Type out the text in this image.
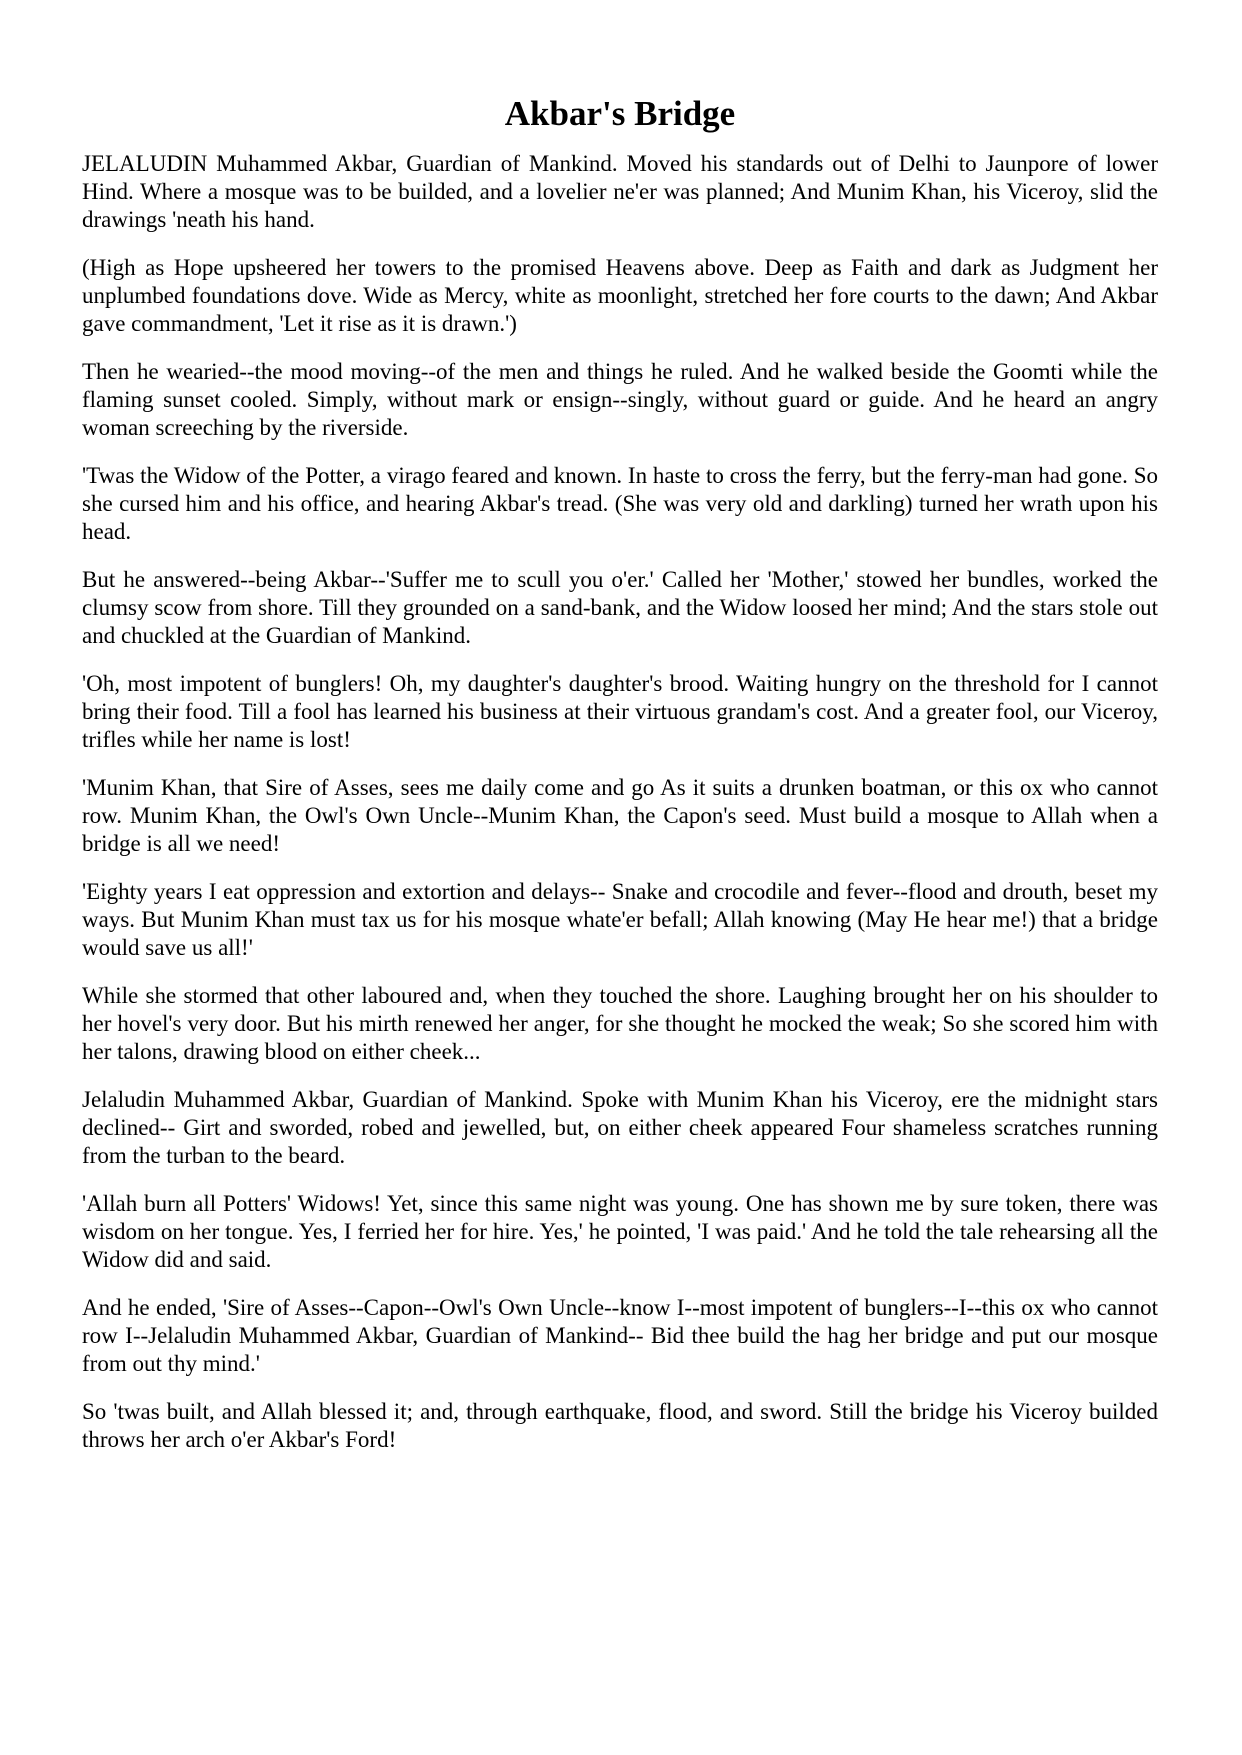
Akbar's Bridge

JELALUDIN Muhammed Akbar, Guardian of Mankind. Moved his standards out of Delhi to Jaunpore of lower Hind. Where a mosque was to be builded, and a lovelier ne'er was planned; And Munim Khan, his Viceroy, slid the drawings 'neath his hand.

(High as Hope upsheered her towers to the promised Heavens above. Deep as Faith and dark as Judgment her unplumbed foundations dove. Wide as Mercy, white as moonlight, stretched her fore courts to the dawn; And Akbar gave commandment, 'Let it rise as it is drawn.')

Then he wearied--the mood moving--of the men and things he ruled. And he walked beside the Goomti while the flaming sunset cooled. Simply, without mark or ensign--singly, without guard or guide. And he heard an angry woman screeching by the riverside.

'Twas the Widow of the Potter, a virago feared and known. In haste to cross the ferry, but the ferry-man had gone. So she cursed him and his office, and hearing Akbar's tread. (She was very old and darkling) turned her wrath upon his head.

But he answered--being Akbar--'Suffer me to scull you o'er.' Called her 'Mother,' stowed her bundles, worked the clumsy scow from shore. Till they grounded on a sand-bank, and the Widow loosed her mind; And the stars stole out and chuckled at the Guardian of Mankind.

'Oh, most impotent of bunglers! Oh, my daughter's daughter's brood. Waiting hungry on the threshold for I cannot bring their food. Till a fool has learned his business at their virtuous grandam's cost. And a greater fool, our Viceroy, trifles while her name is lost!

'Munim Khan, that Sire of Asses, sees me daily come and go As it suits a drunken boatman, or this ox who cannot row. Munim Khan, the Owl's Own Uncle--Munim Khan, the Capon's seed. Must build a mosque to Allah when a bridge is all we need!

'Eighty years I eat oppression and extortion and delays-- Snake and crocodile and fever--flood and drouth, beset my ways. But Munim Khan must tax us for his mosque whate'er befall; Allah knowing (May He hear me!) that a bridge would save us all!'

While she stormed that other laboured and, when they touched the shore. Laughing brought her on his shoulder to her hovel's very door. But his mirth renewed her anger, for she thought he mocked the weak; So she scored him with her talons, drawing blood on either cheek...

Jelaludin Muhammed Akbar, Guardian of Mankind. Spoke with Munim Khan his Viceroy, ere the midnight stars declined-- Girt and sworded, robed and jewelled, but, on either cheek appeared Four shameless scratches running from the turban to the beard.

'Allah burn all Potters' Widows! Yet, since this same night was young. One has shown me by sure token, there was wisdom on her tongue. Yes, I ferried her for hire. Yes,' he pointed, 'I was paid.' And he told the tale rehearsing all the Widow did and said.

And he ended, 'Sire of Asses--Capon--Owl's Own Uncle--know I--most impotent of bunglers--I--this ox who cannot row I--Jelaludin Muhammed Akbar, Guardian of Mankind-- Bid thee build the hag her bridge and put our mosque from out thy mind.'

So 'twas built, and Allah blessed it; and, through earthquake, flood, and sword. Still the bridge his Viceroy builded throws her arch o'er Akbar's Ford!
